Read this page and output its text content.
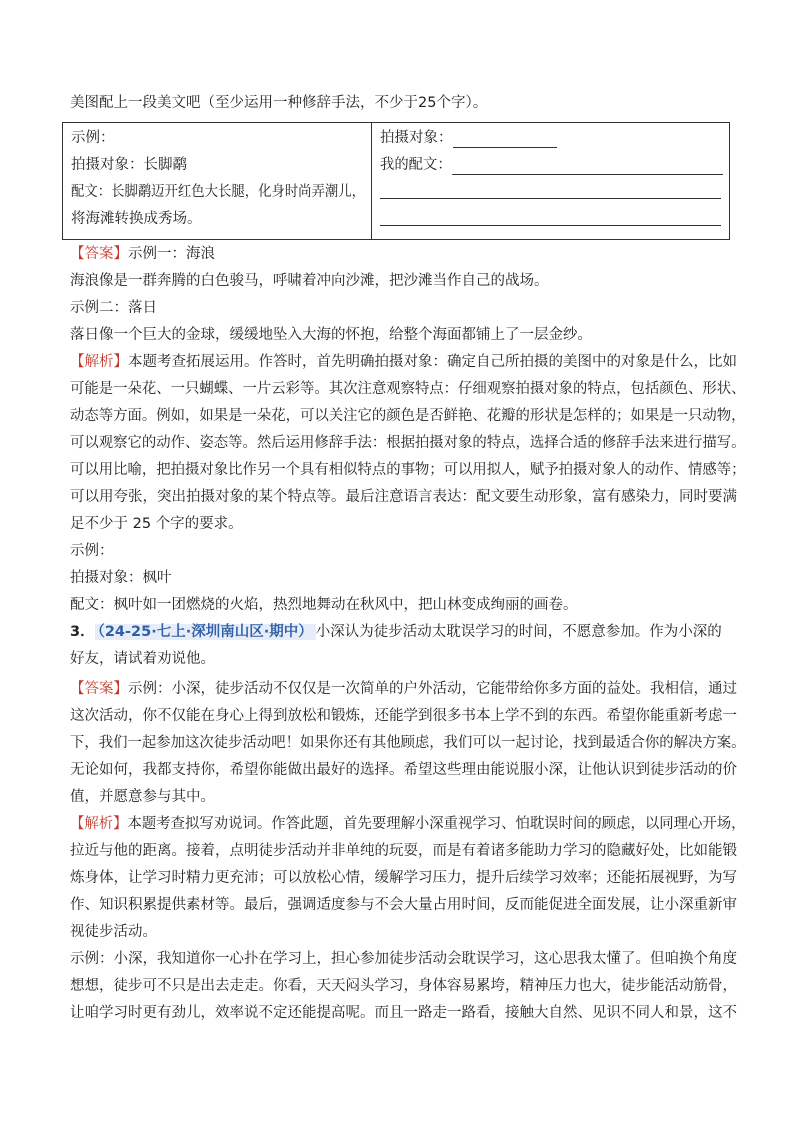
美图配上一段美文吧（至少运用一种修辞手法，不少于25个字）。
示例：
拍摄对象：长脚鹬
配文：长脚鹬迈开红色大长腿，化身时尚弄潮儿，
将海滩转换成秀场。

拍摄对象：
我的配文：
【答案】示例一：海浪
海浪像是一群奔腾的白色骏马，呼啸着冲向沙滩，把沙滩当作自己的战场。
示例二：落日
落日像一个巨大的金球，缓缓地坠入大海的怀抱，给整个海面都铺上了一层金纱。
【解析】本题考查拓展运用。作答时，首先明确拍摄对象：确定自己所拍摄的美图中的对象是什么，比如
可能是一朵花、一只蝴蝶、一片云彩等。其次注意观察特点：仔细观察拍摄对象的特点，包括颜色、形状、
动态等方面。例如，如果是一朵花，可以关注它的颜色是否鲜艳、花瓣的形状是怎样的；如果是一只动物，
可以观察它的动作、姿态等。然后运用修辞手法：根据拍摄对象的特点，选择合适的修辞手法来进行描写。
可以用比喻，把拍摄对象比作另一个具有相似特点的事物；可以用拟人，赋予拍摄对象人的动作、情感等；
可以用夸张，突出拍摄对象的某个特点等。最后注意语言表达：配文要生动形象，富有感染力，同时要满
足不少于 25 个字的要求。
示例：
拍摄对象：枫叶
配文：枫叶如一团燃烧的火焰，热烈地舞动在秋风中，把山林变成绚丽的画卷。
3． （24-25·七上·深圳南山区·期中） 小深认为徒步活动太耽误学习的时间，不愿意参加。作为小深的
好友，请试着劝说他。
【答案】示例：小深，徒步活动不仅仅是一次简单的户外活动，它能带给你多方面的益处。我相信，通过
这次活动，你不仅能在身心上得到放松和锻炼，还能学到很多书本上学不到的东西。希望你能重新考虑一
下，我们一起参加这次徒步活动吧！如果你还有其他顾虑，我们可以一起讨论，找到最适合你的解决方案。
无论如何，我都支持你，希望你能做出最好的选择。希望这些理由能说服小深，让他认识到徒步活动的价
值，并愿意参与其中。
【解析】本题考查拟写劝说词。作答此题，首先要理解小深重视学习、怕耽误时间的顾虑，以同理心开场，
拉近与他的距离。接着，点明徒步活动并非单纯的玩耍，而是有着诸多能助力学习的隐藏好处，比如能锻
炼身体，让学习时精力更充沛；可以放松心情，缓解学习压力，提升后续学习效率；还能拓展视野，为写
作、知识积累提供素材等。最后，强调适度参与不会大量占用时间，反而能促进全面发展，让小深重新审
视徒步活动。
示例：小深，我知道你一心扑在学习上，担心参加徒步活动会耽误学习，这心思我太懂了。但咱换个角度
想想，徒步可不只是出去走走。你看，天天闷头学习，身体容易累垮，精神压力也大，徒步能活动筋骨，
让咱学习时更有劲儿，效率说不定还能提高呢。而且一路走一路看，接触大自然、见识不同人和景，这不
